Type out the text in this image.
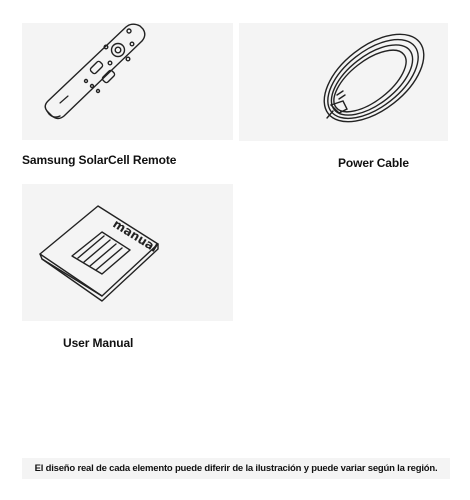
Samsung SolarCell Remote	Power Cable
manual
User Manual
El diseño real de cada elemento puede diferir de la ilustración y puede variar según la región.
